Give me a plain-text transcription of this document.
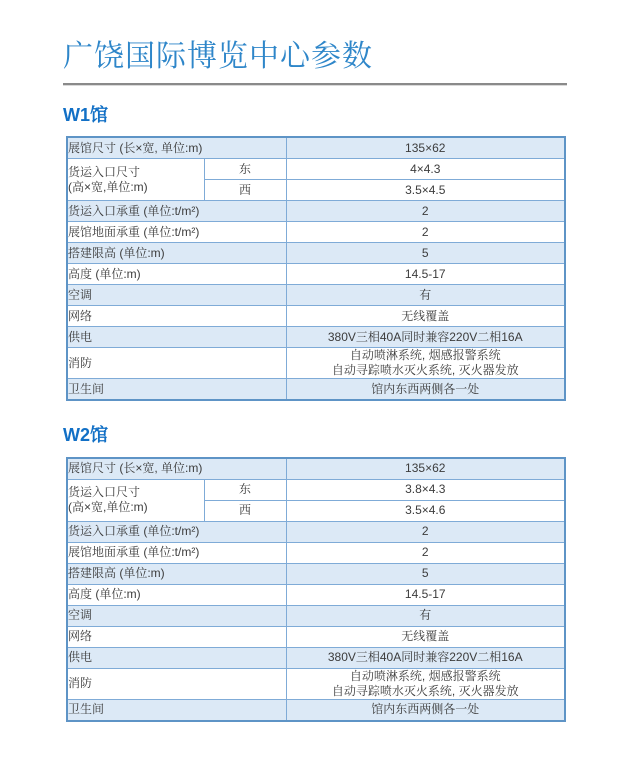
广饶国际博览中心参数
W1馆
展馆尺寸 (长×宽, 单位:m)		135×62

货运入口尺寸
(高×宽,单位:m)	东	4×4.3
	西	3.5×4.5
货运入口承重 (单位:t/m²)		2
展馆地面承重 (单位:t/m²)		2
搭建限高 (单位:m)		5
高度 (单位:m)		14.5-17
空调		有
网络		无线覆盖
供电		380V三相40A同时兼容220V二相16A
消防		自动喷淋系统, 烟感报警系统
自动寻踪喷水灭火系统, 灭火器发放

卫生间		馆内东西两侧各一处
W2馆
展馆尺寸 (长×宽, 单位:m)		135×62

货运入口尺寸
(高×宽,单位:m)	东	3.8×4.3
	西	3.5×4.6
货运入口承重 (单位:t/m²)		2
展馆地面承重 (单位:t/m²)		2
搭建限高 (单位:m)		5
高度 (单位:m)		14.5-17
空调		有
网络		无线覆盖
供电		380V三相40A同时兼容220V二相16A
消防		自动喷淋系统, 烟感报警系统
自动寻踪喷水灭火系统, 灭火器发放

卫生间		馆内东西两侧各一处
